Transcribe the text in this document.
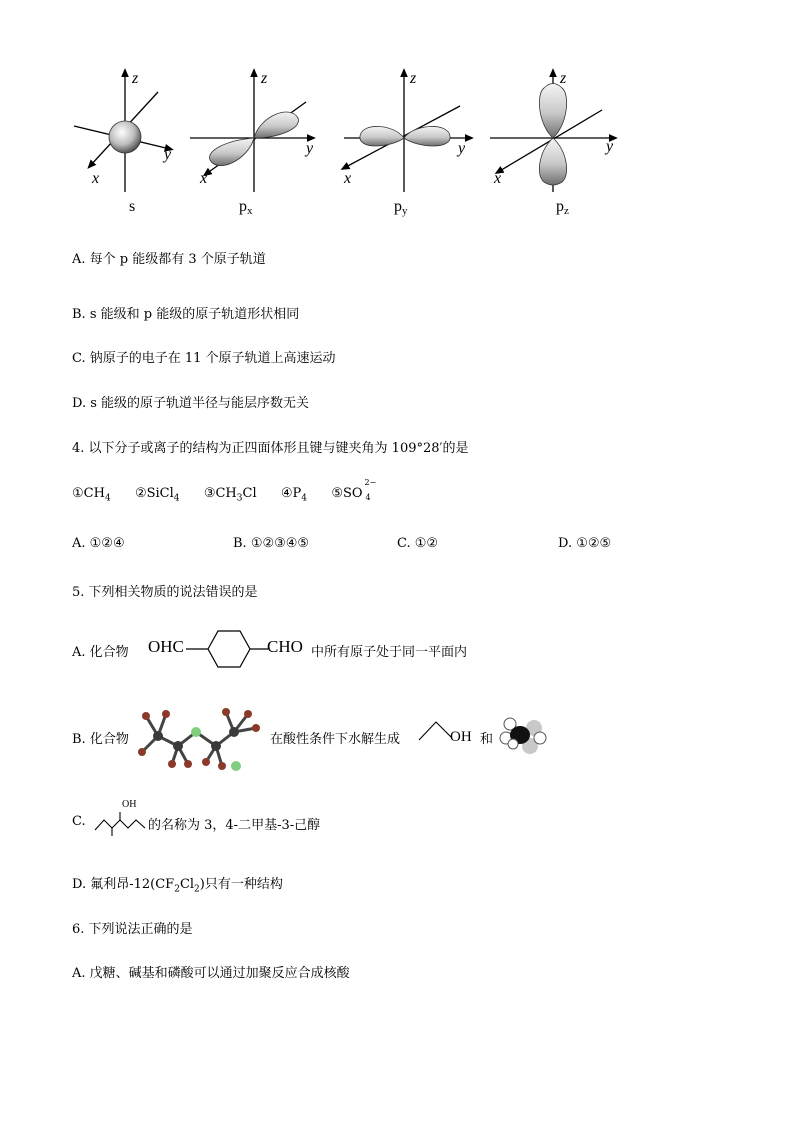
z
y
x
s
z
y
x
$p_x$
z
y
x
$p_y$
z
y
x
$p_z$
A. 每个 p 能级都有 3 个原子轨道
B. s 能级和 p 能级的原子轨道形状相同
C. 钠原子的电子在 11 个原子轨道上高速运动
D. s 能级的原子轨道半径与能层序数无关
4. 以下分子或离子的结构为正四面体形且键与键夹角为 109°28′的是
$①CH_4$ ②SiCl$_4$ $③CH_3Cl$ $④P_4$ ⑤SO
2−
4

A. ①②④	B. ①②③④⑤	C. ①②	D. ①②⑤
5. 下列相关物质的说法错误的是
A. 化合物 OHC	CHO 中所有原子处于同一平面内
B. 化合物	在酸性条件下水解生成	OH 和
C.
OH
的名称为 3，4-二甲基-3-己醇
D. 氟利昂$-12(CF_2Cl_2)$只有一种结构
6. 下列说法正确的是
A. 戊糖、碱基和磷酸可以通过加聚反应合成核酸
